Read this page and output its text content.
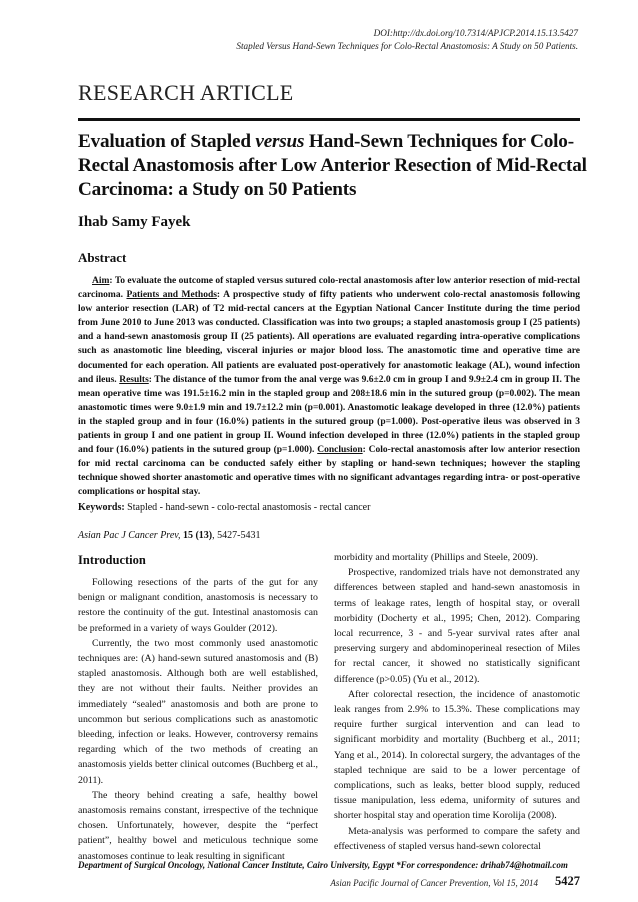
DOI:http://dx.doi.org/10.7314/APJCP.2014.15.13.5427
Stapled Versus Hand-Sewn Techniques for Colo-Rectal Anastomosis: A Study on 50 Patients.
RESEARCH ARTICLE
Evaluation of Stapled versus Hand-Sewn Techniques for Colo-Rectal Anastomosis after Low Anterior Resection of Mid-Rectal Carcinoma: a Study on 50 Patients
Ihab Samy Fayek
Abstract

Aim: To evaluate the outcome of stapled versus sutured colo-rectal anastomosis after low anterior resection of mid-rectal carcinoma. Patients and Methods: A prospective study of fifty patients who underwent colo-rectal anastomosis following low anterior resection (LAR) of T2 mid-rectal cancers at the Egyptian National Cancer Institute during the time period from June 2010 to June 2013 was conducted. Classification was into two groups; a stapled anastomosis group I (25 patients) and a hand-sewn anastomosis group II (25 patients). All operations are evaluated regarding intra-operative complications such as anastomotic line bleeding, visceral injuries or major blood loss. The anastomotic time and operative time are documented for each operation. All patients are evaluated post-operatively for anastomotic leakage (AL), wound infection and ileus. Results: The distance of the tumor from the anal verge was 9.6±2.0 cm in group I and 9.9±2.4 cm in group II. The mean operative time was 191.5±16.2 min in the stapled group and 208±18.6 min in the sutured group (p=0.002). The mean anastomotic times were 9.0±1.9 min and 19.7±12.2 min (p=0.001). Anastomotic leakage developed in three (12.0%) patients in the stapled group and in four (16.0%) patients in the sutured group (p=1.000). Post-operative ileus was observed in 3 patients in group I and one patient in group II. Wound infection developed in three (12.0%) patients in the stapled group and four (16.0%) patients in the sutured group (p=1.000). Conclusion: Colo-rectal anastomosis after low anterior resection for mid rectal carcinoma can be conducted safely either by stapling or hand-sewn techniques; however the stapling technique showed shorter anastomotic and operative times with no significant advantages regarding intra- or post-operative complications or hospital stay.

Keywords: Stapled - hand-sewn - colo-rectal anastomosis - rectal cancer
Asian Pac J Cancer Prev, 15 (13), 5427-5431
Introduction

Following resections of the parts of the gut for any benign or malignant condition, anastomosis is necessary to restore the continuity of the gut. Intestinal anastomosis can be preformed in a variety of ways Goulder (2012).

Currently, the two most commonly used anastomotic techniques are: (A) hand-sewn sutured anastomosis and (B) stapled anastomosis. Although both are well established, they are not without their faults. Neither provides an immediately “sealed” anastomosis and both are prone to uncommon but serious complications such as anastomotic bleeding, infection or leaks. However, controversy remains regarding which of the two methods of creating an anastomosis yields better clinical outcomes (Buchberg et al., 2011).

The theory behind creating a safe, healthy bowel anastomosis remains constant, irrespective of the technique chosen. Unfortunately, however, despite the “perfect patient”, healthy bowel and meticulous technique some anastomoses continue to leak resulting in significant

morbidity and mortality (Phillips and Steele, 2009).

Prospective, randomized trials have not demonstrated any differences between stapled and hand-sewn anastomosis in terms of leakage rates, length of hospital stay, or overall morbidity (Docherty et al., 1995; Chen, 2012). Comparing local recurrence, 3 - and 5-year survival rates after anal preserving surgery and abdominoperineal resection of Miles for rectal cancer, it showed no statistically significant difference (p>0.05) (Yu et al., 2012).

After colorectal resection, the incidence of anastomotic leak ranges from 2.9% to 15.3%. These complications may require further surgical intervention and can lead to significant morbidity and mortality (Buchberg et al., 2011; Yang et al., 2014). In colorectal surgery, the advantages of the stapled technique are said to be a lower percentage of complications, such as leaks, better blood supply, reduced tissue manipulation, less edema, uniformity of sutures and shorter hospital stay and operation time Korolija (2008).

Meta-analysis was performed to compare the safety and effectiveness of stapled versus hand-sewn colorectal

Department of Surgical Oncology, National Cancer Institute, Cairo University, Egypt *For correspondence: drihab74@hotmail.com
Asian Pacific Journal of Cancer Prevention, Vol 15, 2014 5427
